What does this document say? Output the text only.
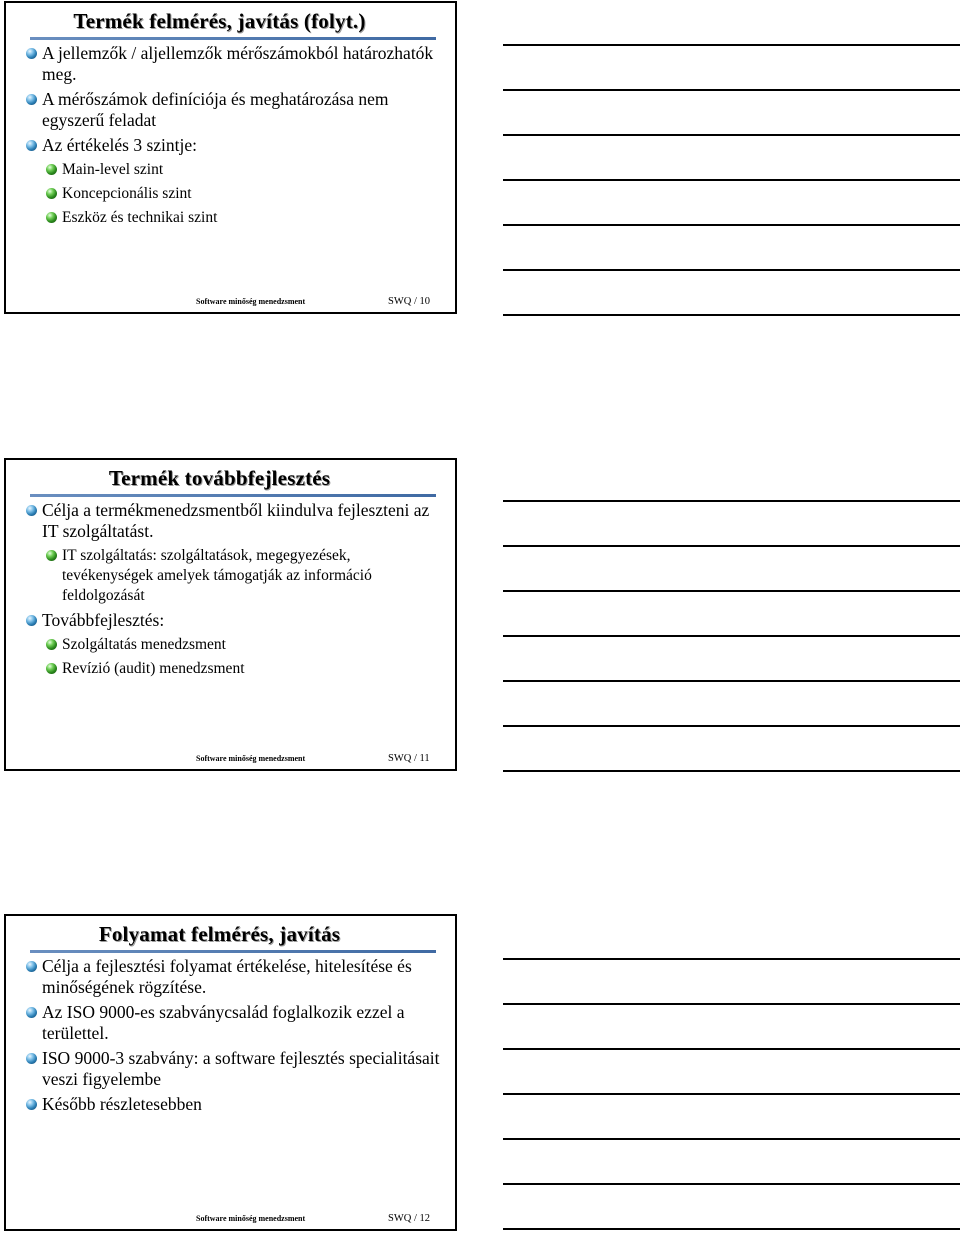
Termék felmérés, javítás (folyt.)
A jellemzők / aljellemzők mérőszámokból határozhatók meg.
A mérőszámok definíciója és meghatározása nem egyszerű feladat
Az értékelés 3 szintje:
Main-level szint
Koncepcionális szint
Eszköz és technikai szint
Software minőség menedzsment	SWQ / 10
Termék továbbfejlesztés
Célja a termékmenedzsmentből kiindulva fejleszteni az IT szolgáltatást.
IT szolgáltatás: szolgáltatások, megegyezések, tevékenységek amelyek támogatják az információ feldolgozását
Továbbfejlesztés:
Szolgáltatás menedzsment
Revízió (audit) menedzsment
Software minőség menedzsment	SWQ / 11
Folyamat felmérés, javítás
Célja a fejlesztési folyamat értékelése, hitelesítése és minőségének rögzítése.
Az ISO 9000-es szabványcsalád foglalkozik ezzel a területtel.
ISO 9000-3 szabvány: a software fejlesztés specialitásait veszi figyelembe
Később részletesebben
Software minőség menedzsment	SWQ / 12
